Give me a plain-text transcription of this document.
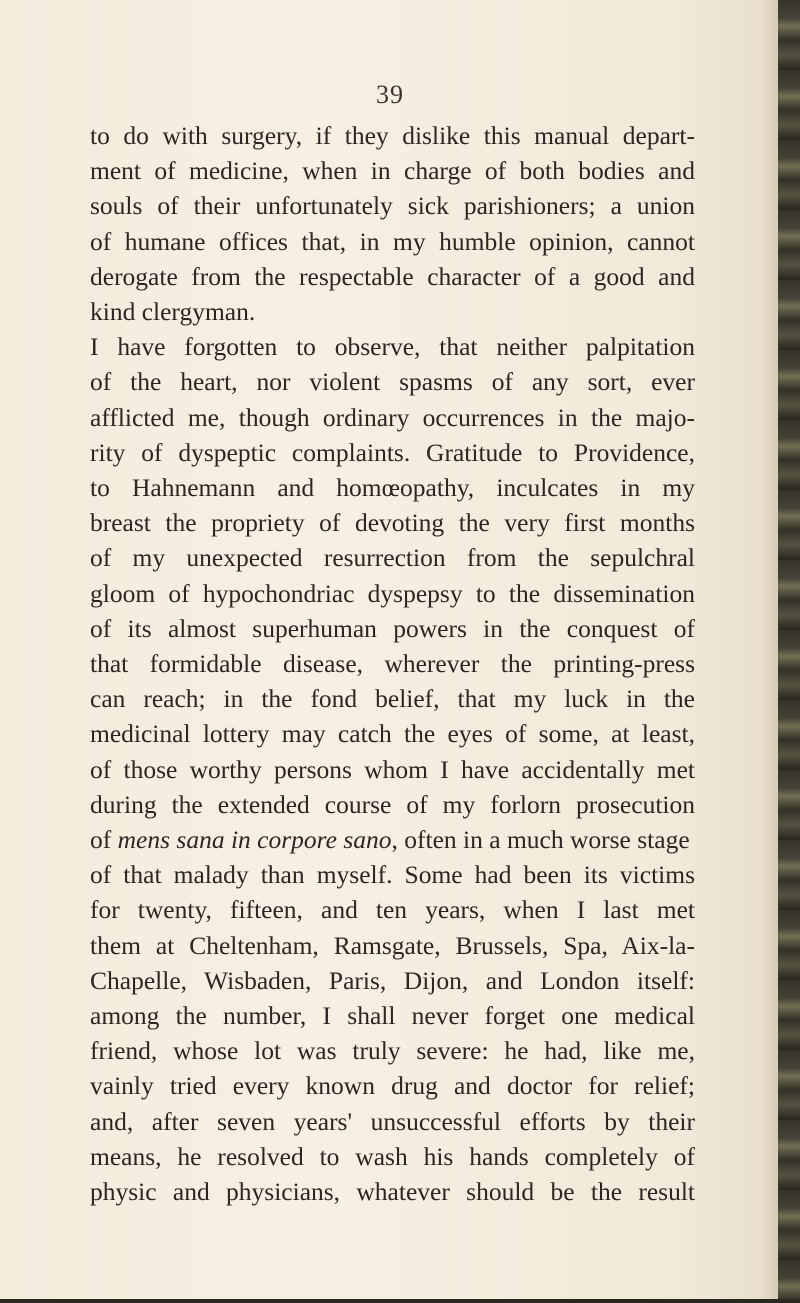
39
to do with surgery, if they dislike this manual depart-
ment of medicine, when in charge of both bodies and
souls of their unfortunately sick parishioners; a union
of humane offices that, in my humble opinion, cannot
derogate from the respectable character of a good and
kind clergyman.
I have forgotten to observe, that neither palpitation
of the heart, nor violent spasms of any sort, ever
afflicted me, though ordinary occurrences in the majo-
rity of dyspeptic complaints. Gratitude to Providence,
to Hahnemann and homœopathy, inculcates in my
breast the propriety of devoting the very first months
of my unexpected resurrection from the sepulchral
gloom of hypochondriac dyspepsy to the dissemination
of its almost superhuman powers in the conquest of
that formidable disease, wherever the printing-press
can reach; in the fond belief, that my luck in the
medicinal lottery may catch the eyes of some, at least,
of those worthy persons whom I have accidentally met
during the extended course of my forlorn prosecution
of mens sana in corpore sano, often in a much worse stage
of that malady than myself. Some had been its victims
for twenty, fifteen, and ten years, when I last met
them at Cheltenham, Ramsgate, Brussels, Spa, Aix-la-
Chapelle, Wisbaden, Paris, Dijon, and London itself:
among the number, I shall never forget one medical
friend, whose lot was truly severe: he had, like me,
vainly tried every known drug and doctor for relief;
and, after seven years' unsuccessful efforts by their
means, he resolved to wash his hands completely of
physic and physicians, whatever should be the result
